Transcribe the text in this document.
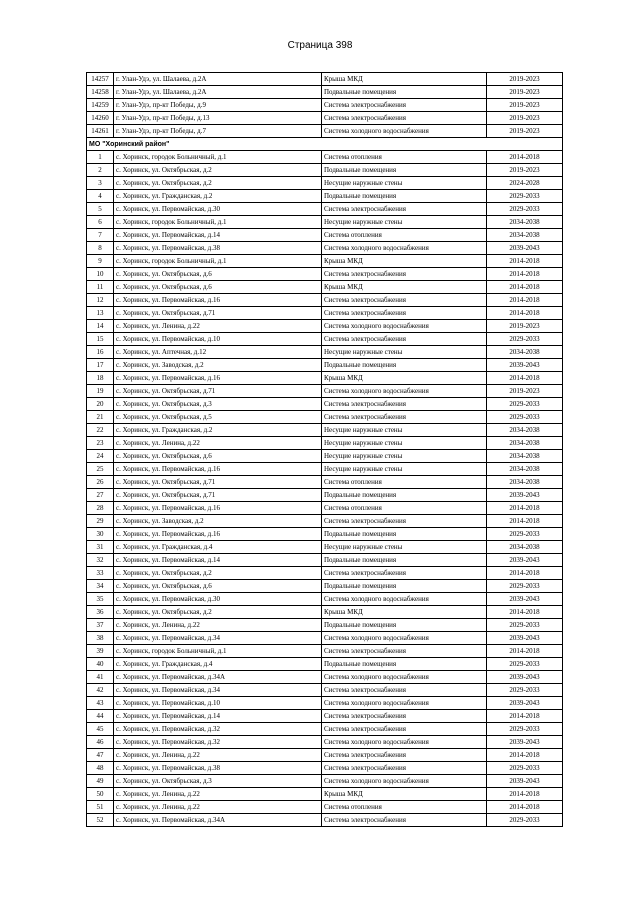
Страница 398
14257	г. Улан-Удэ, ул. Шалаева, д.2А	Крыша МКД	2019-2023
14258	г. Улан-Удэ, ул. Шалаева, д.2А	Подвальные помещения	2019-2023
14259	г. Улан-Удэ, пр-кт Победы, д.9	Система электроснабжения	2019-2023
14260	г. Улан-Удэ, пр-кт Победы, д.13	Система электроснабжения	2019-2023
14261	г. Улан-Удэ, пр-кт Победы, д.7	Система холодного водоснабжения	2019-2023
МО "Хоринский район"			
1	с. Хоринск, городок Больничный, д.1	Система отопления	2014-2018
2	с. Хоринск, ул. Октябрьская, д.2	Подвальные помещения	2019-2023
3	с. Хоринск, ул. Октябрьская, д.2	Несущие наружные стены	2024-2028
4	с. Хоринск, ул. Гражданская, д.2	Подвальные помещения	2029-2033
5	с. Хоринск, ул. Первомайская, д.30	Система электроснабжения	2029-2033
6	с. Хоринск, городок Больничный, д.1	Несущие наружные стены	2034-2038
7	с. Хоринск, ул. Первомайская, д.14	Система отопления	2034-2038
8	с. Хоринск, ул. Первомайская, д.38	Система холодного водоснабжения	2039-2043
9	с. Хоринск, городок Больничный, д.1	Крыша МКД	2014-2018
10	с. Хоринск, ул. Октябрьская, д.6	Система электроснабжения	2014-2018
11	с. Хоринск, ул. Октябрьская, д.6	Крыша МКД	2014-2018
12	с. Хоринск, ул. Первомайская, д.16	Система электроснабжения	2014-2018
13	с. Хоринск, ул. Октябрьская, д.71	Система электроснабжения	2014-2018
14	с. Хоринск, ул. Ленина, д.22	Система холодного водоснабжения	2019-2023
15	с. Хоринск, ул. Первомайская, д.10	Система электроснабжения	2029-2033
16	с. Хоринск, ул. Аптечная, д.12	Несущие наружные стены	2034-2038
17	с. Хоринск, ул. Заводская, д.2	Подвальные помещения	2039-2043
18	с. Хоринск, ул. Первомайская, д.16	Крыша МКД	2014-2018
19	с. Хоринск, ул. Октябрьская, д.71	Система холодного водоснабжения	2019-2023
20	с. Хоринск, ул. Октябрьская, д.3	Система электроснабжения	2029-2033
21	с. Хоринск, ул. Октябрьская, д.5	Система электроснабжения	2029-2033
22	с. Хоринск, ул. Гражданская, д.2	Несущие наружные стены	2034-2038
23	с. Хоринск, ул. Ленина, д.22	Несущие наружные стены	2034-2038
24	с. Хоринск, ул. Октябрьская, д.6	Несущие наружные стены	2034-2038
25	с. Хоринск, ул. Первомайская, д.16	Несущие наружные стены	2034-2038
26	с. Хоринск, ул. Октябрьская, д.71	Система отопления	2034-2038
27	с. Хоринск, ул. Октябрьская, д.71	Подвальные помещения	2039-2043
28	с. Хоринск, ул. Первомайская, д.16	Система отопления	2014-2018
29	с. Хоринск, ул. Заводская, д.2	Система электроснабжения	2014-2018
30	с. Хоринск, ул. Первомайская, д.16	Подвальные помещения	2029-2033
31	с. Хоринск, ул. Гражданская, д.4	Несущие наружные стены	2034-2038
32	с. Хоринск, ул. Первомайская, д.14	Подвальные помещения	2039-2043
33	с. Хоринск, ул. Октябрьская, д.2	Система электроснабжения	2014-2018
34	с. Хоринск, ул. Октябрьская, д.6	Подвальные помещения	2029-2033
35	с. Хоринск, ул. Первомайская, д.30	Система холодного водоснабжения	2039-2043
36	с. Хоринск, ул. Октябрьская, д.2	Крыша МКД	2014-2018
37	с. Хоринск, ул. Ленина, д.22	Подвальные помещения	2029-2033
38	с. Хоринск, ул. Первомайская, д.34	Система холодного водоснабжения	2039-2043
39	с. Хоринск, городок Больничный, д.1	Система электроснабжения	2014-2018
40	с. Хоринск, ул. Гражданская, д.4	Подвальные помещения	2029-2033
41	с. Хоринск, ул. Первомайская, д.34А	Система холодного водоснабжения	2039-2043
42	с. Хоринск, ул. Первомайская, д.34	Система электроснабжения	2029-2033
43	с. Хоринск, ул. Первомайская, д.10	Система холодного водоснабжения	2039-2043
44	с. Хоринск, ул. Первомайская, д.14	Система электроснабжения	2014-2018
45	с. Хоринск, ул. Первомайская, д.32	Система электроснабжения	2029-2033
46	с. Хоринск, ул. Первомайская, д.32	Система холодного водоснабжения	2039-2043
47	с. Хоринск, ул. Ленина, д.22	Система электроснабжения	2014-2018
48	с. Хоринск, ул. Первомайская, д.38	Система электроснабжения	2029-2033
49	с. Хоринск, ул. Октябрьская, д.3	Система холодного водоснабжения	2039-2043
50	с. Хоринск, ул. Ленина, д.22	Крыша МКД	2014-2018
51	с. Хоринск, ул. Ленина, д.22	Система отопления	2014-2018
52	с. Хоринск, ул. Первомайская, д.34А	Система электроснабжения	2029-2033
